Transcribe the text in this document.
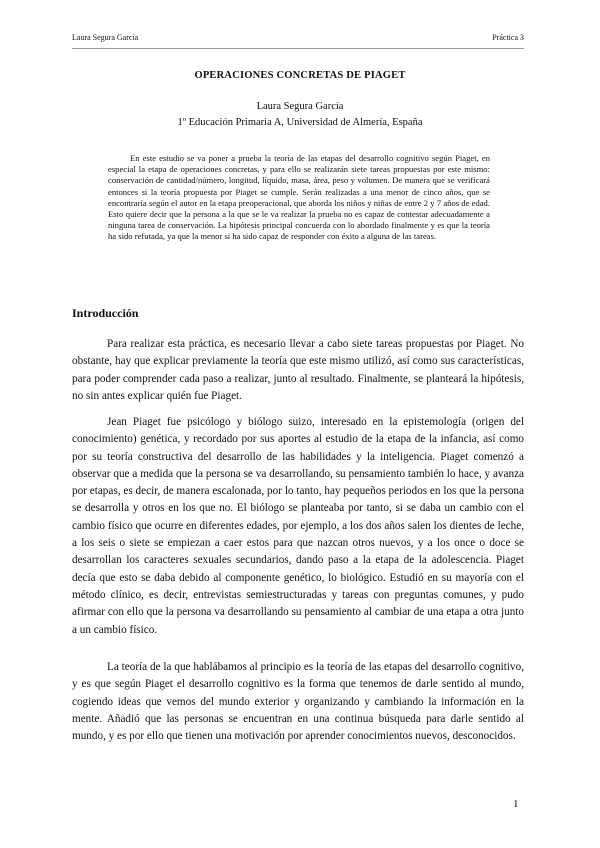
Laura Segura García	Práctica 3
OPERACIONES CONCRETAS DE PIAGET
Laura Segura García
1º Educación Primaria A, Universidad de Almería, España

En este estudio se va poner a prueba la teoría de las etapas del desarrollo cognitivo según Piaget, en especial la etapa de operaciones concretas, y para ello se realizarán siete tareas propuestas por este mismo: conservación de cantidad/número, longitud, líquido, masa, área, peso y volumen. De manera que se verificará entonces si la teoría propuesta por Piaget se cumple. Serán realizadas a una menor de cinco años, que se encontraría según el autor en la etapa preoperacional, que aborda los niños y niñas de entre 2 y 7 años de edad. Esto quiere decir que la persona a la que se le va realizar la prueba no es capaz de contestar adecuadamente a ninguna tarea de conservación. La hipótesis principal concuerda con lo abordado finalmente y es que la teoría ha sido refutada, ya que la menor si ha sido capaz de responder con éxito a alguna de las tareas.

Introducción

Para realizar esta práctica, es necesario llevar a cabo siete tareas propuestas por Piaget. No obstante, hay que explicar previamente la teoría que este mismo utilizó, así como sus características, para poder comprender cada paso a realizar, junto al resultado. Finalmente, se planteará la hipótesis, no sin antes explicar quién fue Piaget.

Jean Piaget fue psicólogo y biólogo suizo, interesado en la epistemología (origen del conocimiento) genética, y recordado por sus aportes al estudio de la etapa de la infancia, así como por su teoría constructiva del desarrollo de las habilidades y la inteligencia. Piaget comenzó a observar que a medida que la persona se va desarrollando, su pensamiento también lo hace, y avanza por etapas, es decir, de manera escalonada, por lo tanto, hay pequeños periodos en los que la persona se desarrolla y otros en los que no. El biólogo se planteaba por tanto, si se daba un cambio con el cambio físico que ocurre en diferentes edades, por ejemplo, a los dos años salen los dientes de leche, a los seis o siete se empiezan a caer estos para que nazcan otros nuevos, y a los once o doce se desarrollan los caracteres sexuales secundarios, dando paso a la etapa de la adolescencia. Piaget decía que esto se daba debido al componente genético, lo biológico. Estudió en su mayoría con el método clínico, es decir, entrevistas semiestructuradas y tareas con preguntas comunes, y pudo afirmar con ello que la persona va desarrollando su pensamiento al cambiar de una etapa a otra junto a un cambio físico.

La teoría de la que hablábamos al principio es la teoría de las etapas del desarrollo cognitivo, y es que según Piaget el desarrollo cognitivo es la forma que tenemos de darle sentido al mundo, cogiendo ideas que vemos del mundo exterior y organizando y cambiando la información en la mente. Añadió que las personas se encuentran en una continua búsqueda para darle sentido al mundo, y es por ello que tienen una motivación por aprender conocimientos nuevos, desconocidos.

1
